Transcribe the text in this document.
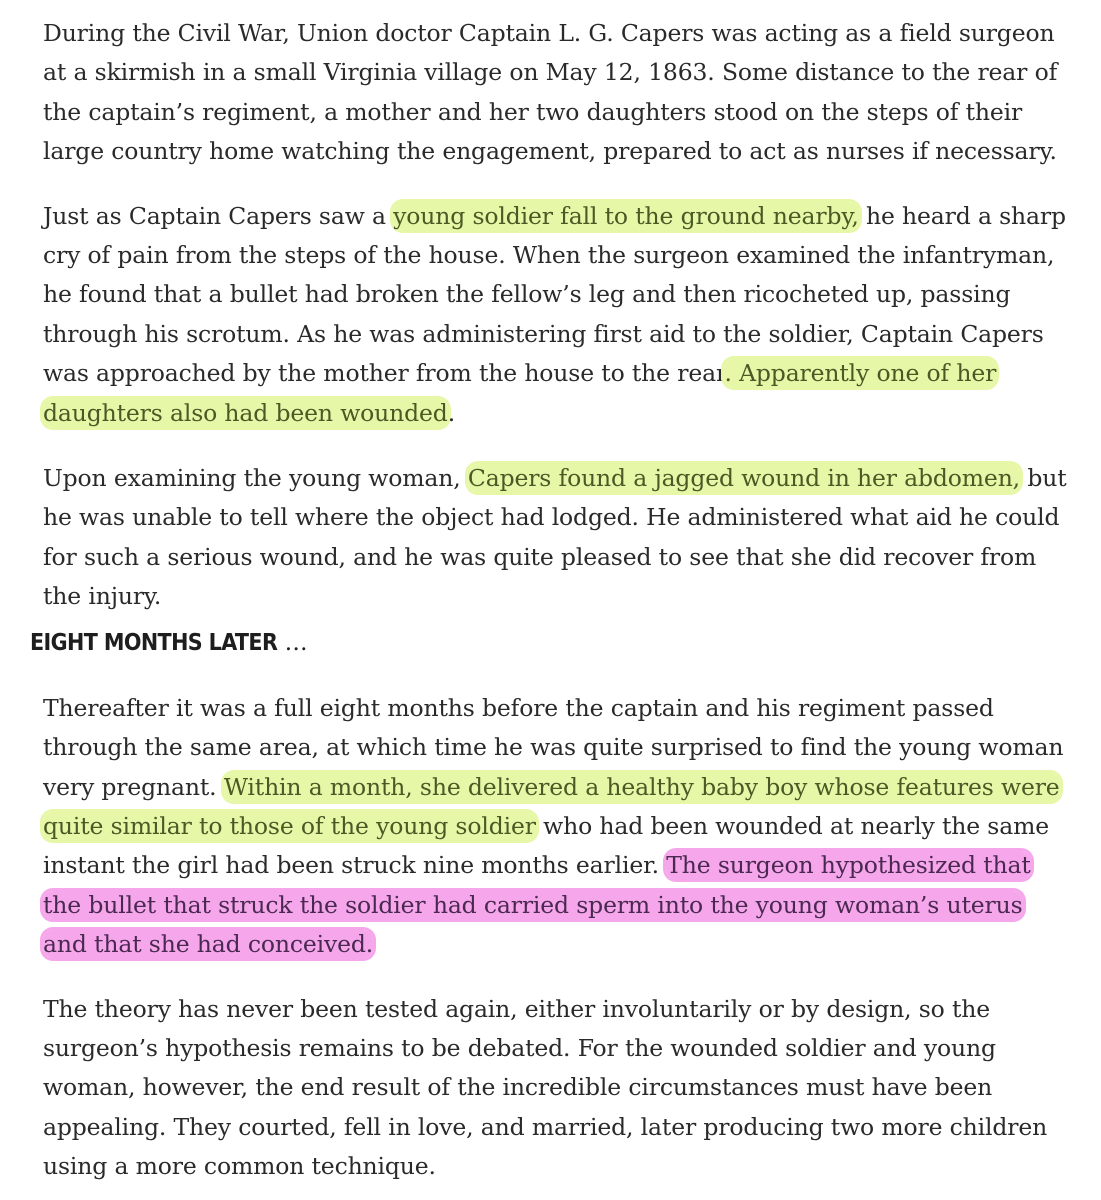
During the Civil War, Union doctor Captain L. G. Capers was acting as a field surgeon at a skirmish in a small Virginia village on May 12, 1863. Some distance to the rear of the captain’s regiment, a mother and her two daughters stood on the steps of their large country home watching the engagement, prepared to act as nurses if necessary.

Just as Captain Capers saw a young soldier fall to the ground nearby, he heard a sharp cry of pain from the steps of the house. When the surgeon examined the infantryman, he found that a bullet had broken the fellow’s leg and then ricocheted up, passing through his scrotum. As he was administering first aid to the soldier, Captain Capers was approached by the mother from the house to the rear. Apparently one of her daughters also had been wounded.

Upon examining the young woman, Capers found a jagged wound in her abdomen, but he was unable to tell where the object had lodged. He administered what aid he could for such a serious wound, and he was quite pleased to see that she did recover from the injury.

EIGHT MONTHS LATER …

Thereafter it was a full eight months before the captain and his regiment passed through the same area, at which time he was quite surprised to find the young woman very pregnant. Within a month, she delivered a healthy baby boy whose features were quite similar to those of the young soldier who had been wounded at nearly the same instant the girl had been struck nine months earlier. The surgeon hypothesized that the bullet that struck the soldier had carried sperm into the young woman’s uterus and that she had conceived.

The theory has never been tested again, either involuntarily or by design, so the surgeon’s hypothesis remains to be debated. For the wounded soldier and young woman, however, the end result of the incredible circumstances must have been appealing. They courted, fell in love, and married, later producing two more children using a more common technique.
